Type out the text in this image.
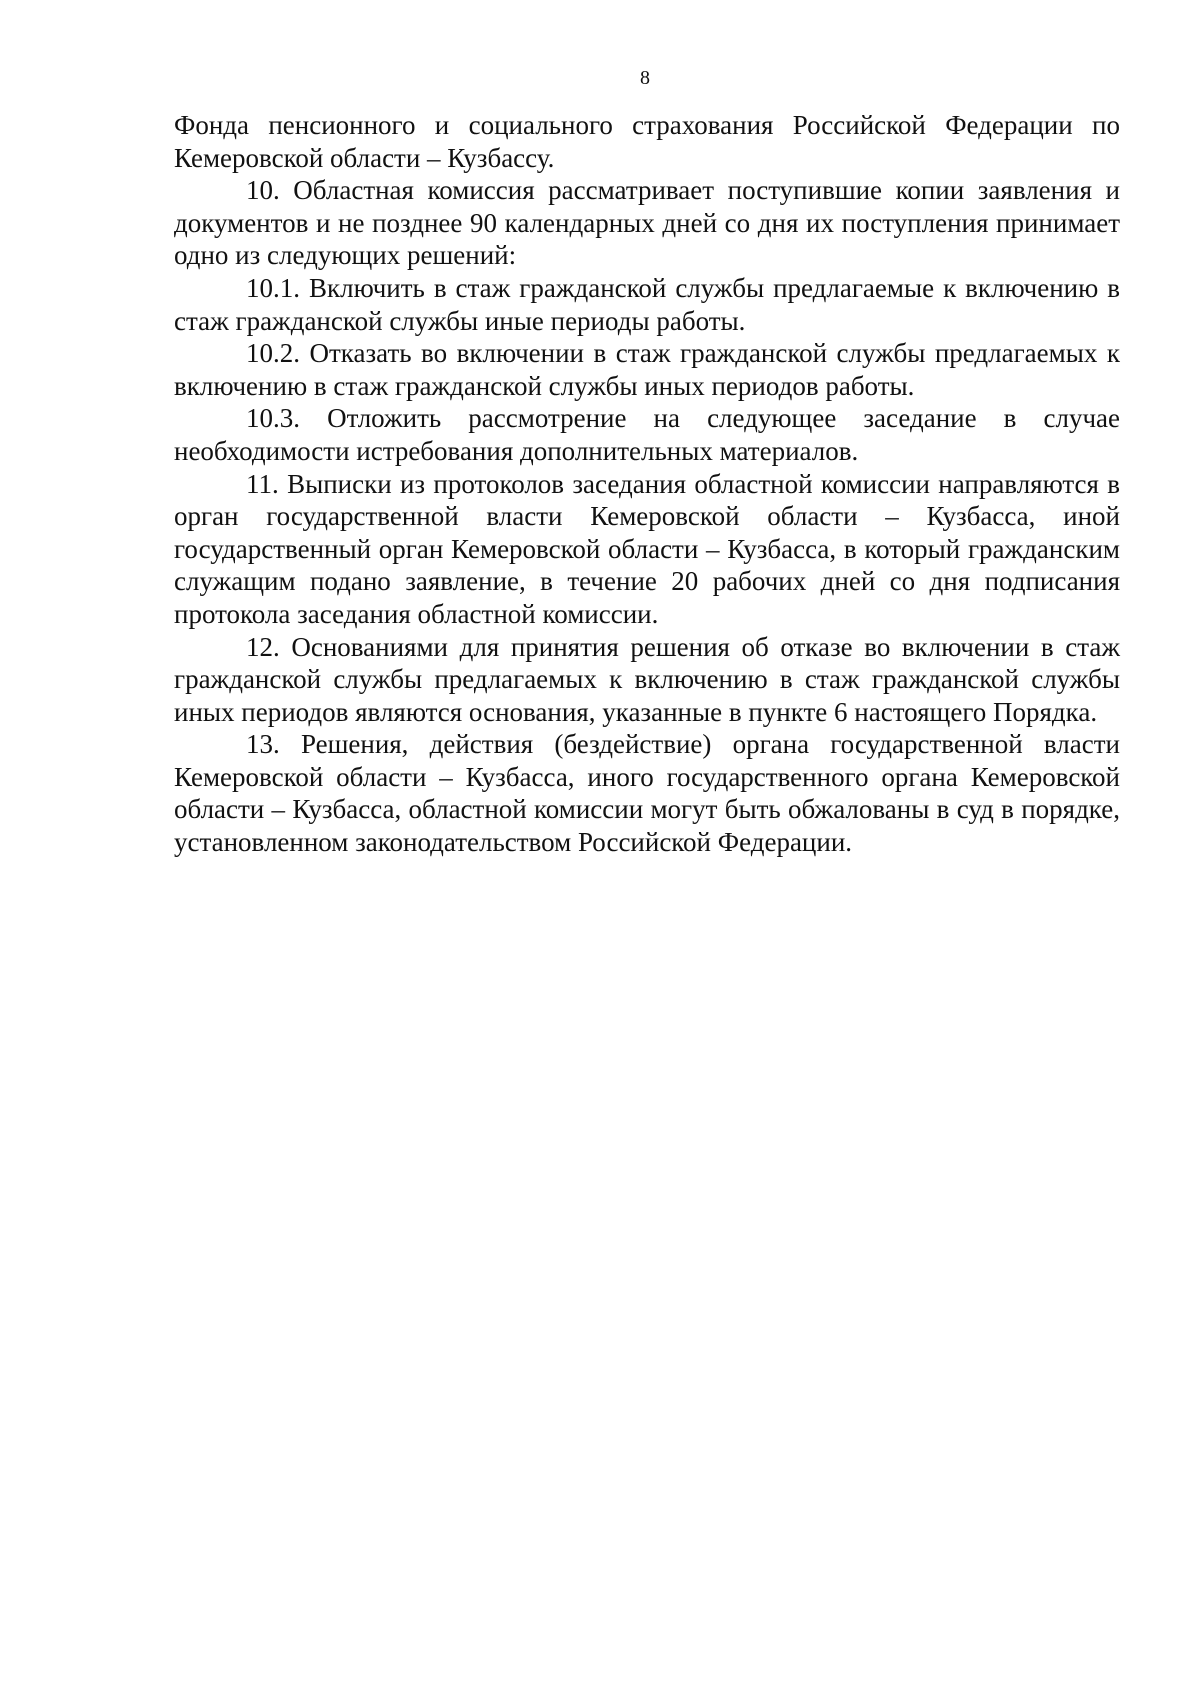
8

Фонда пенсионного и социального страхования Российской Федерации по Кемеровской области – Кузбассу.

10. Областная комиссия рассматривает поступившие копии заявления и документов и не позднее 90 календарных дней со дня их поступления принимает одно из следующих решений:

10.1. Включить в стаж гражданской службы предлагаемые к включению в стаж гражданской службы иные периоды работы.

10.2. Отказать во включении в стаж гражданской службы предлагаемых к включению в стаж гражданской службы иных периодов работы.

10.3. Отложить рассмотрение на следующее заседание в случае необходимости истребования дополнительных материалов.

11. Выписки из протоколов заседания областной комиссии направляются в орган государственной власти Кемеровской области – Кузбасса, иной государственный орган Кемеровской области – Кузбасса, в который гражданским служащим подано заявление, в течение 20 рабочих дней со дня подписания протокола заседания областной комиссии.

12. Основаниями для принятия решения об отказе во включении в стаж гражданской службы предлагаемых к включению в стаж гражданской службы иных периодов являются основания, указанные в пункте 6 настоящего Порядка.

13. Решения, действия (бездействие) органа государственной власти Кемеровской области – Кузбасса, иного государственного органа Кемеровской области – Кузбасса, областной комиссии могут быть обжалованы в суд в порядке, установленном законодательством Российской Федерации.
